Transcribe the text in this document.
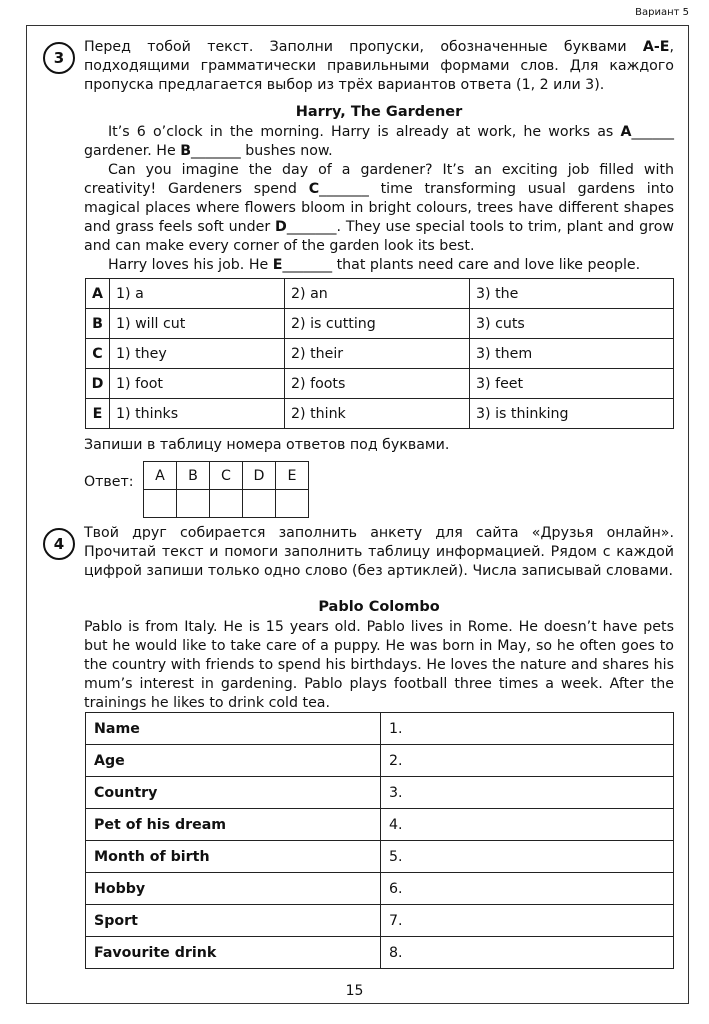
Вариант 5
3
Перед тобой текст. Заполни пропуски, обозначенные буквами A-E, подходящими грамматически правильными формами слов. Для каждого пропуска предлагается выбор из трёх вариантов ответа (1, 2 или 3).
Harry, The Gardener
It’s 6 o’clock in the morning. Harry is already at work, he works as A______ gardener. He B_______ bushes now.
Can you imagine the day of a gardener? It’s an exciting job filled with creativity! Gardeners spend C_______ time transforming usual gardens into magical places where flowers bloom in bright colours, trees have different shapes and grass feels soft under D_______. They use special tools to trim, plant and grow and can make every corner of the garden look its best.
Harry loves his job. He E_______ that plants need care and love like people.
A	1) a	2) an	3) the
B	1) will cut	2) is cutting	3) cuts
C	1) they	2) their	3) them
D	1) foot	2) foots	3) feet
E	1) thinks	2) think	3) is thinking
Запиши в таблицу номера ответов под буквами.
Ответ: A	B	C	D	E

4
Твой друг собирается заполнить анкету для сайта «Друзья онлайн». Прочитай текст и помоги заполнить таблицу информацией. Рядом с каждой цифрой запиши только одно слово (без артиклей). Числа записывай словами.
Pablo Colombo
Pablo is from Italy. He is 15 years old. Pablo lives in Rome. He doesn’t have pets but he would like to take care of a puppy. He was born in May, so he often goes to the country with friends to spend his birthdays. He loves the nature and shares his mum’s interest in gardening. Pablo plays football three times a week. After the trainings he likes to drink cold tea.
Name	1.
Age	2.
Country	3.
Pet of his dream	4.
Month of birth	5.
Hobby	6.
Sport	7.
Favourite drink	8.
15
